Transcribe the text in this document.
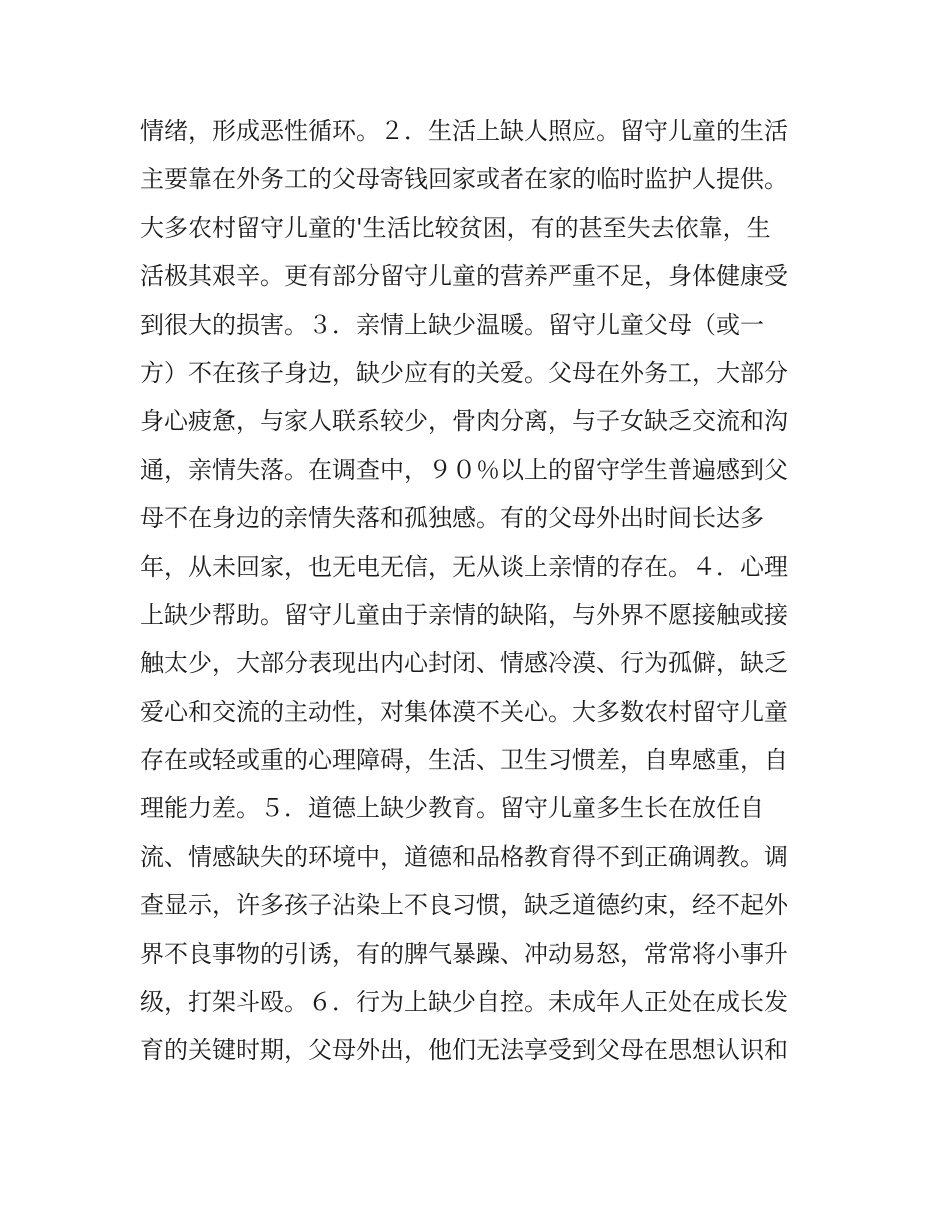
情绪，形成恶性循环。２．生活上缺人照应。留守儿童的生活
主要靠在外务工的父母寄钱回家或者在家的临时监护人提供。
大多农村留守儿童的'生活比较贫困，有的甚至失去依靠，生
活极其艰辛。更有部分留守儿童的营养严重不足，身体健康受
到很大的损害。３．亲情上缺少温暖。留守儿童父母（或一
方）不在孩子身边，缺少应有的关爱。父母在外务工，大部分
身心疲惫，与家人联系较少，骨肉分离，与子女缺乏交流和沟
通，亲情失落。在调查中，９０％以上的留守学生普遍感到父
母不在身边的亲情失落和孤独感。有的父母外出时间长达多
年，从未回家，也无电无信，无从谈上亲情的存在。４．心理
上缺少帮助。留守儿童由于亲情的缺陷，与外界不愿接触或接
触太少，大部分表现出内心封闭、情感冷漠、行为孤僻，缺乏
爱心和交流的主动性，对集体漠不关心。大多数农村留守儿童
存在或轻或重的心理障碍，生活、卫生习惯差，自卑感重，自
理能力差。５．道德上缺少教育。留守儿童多生长在放任自
流、情感缺失的环境中，道德和品格教育得不到正确调教。调
查显示，许多孩子沾染上不良习惯，缺乏道德约束，经不起外
界不良事物的引诱，有的脾气暴躁、冲动易怒，常常将小事升
级，打架斗殴。６．行为上缺少自控。未成年人正处在成长发
育的关键时期，父母外出，他们无法享受到父母在思想认识和
